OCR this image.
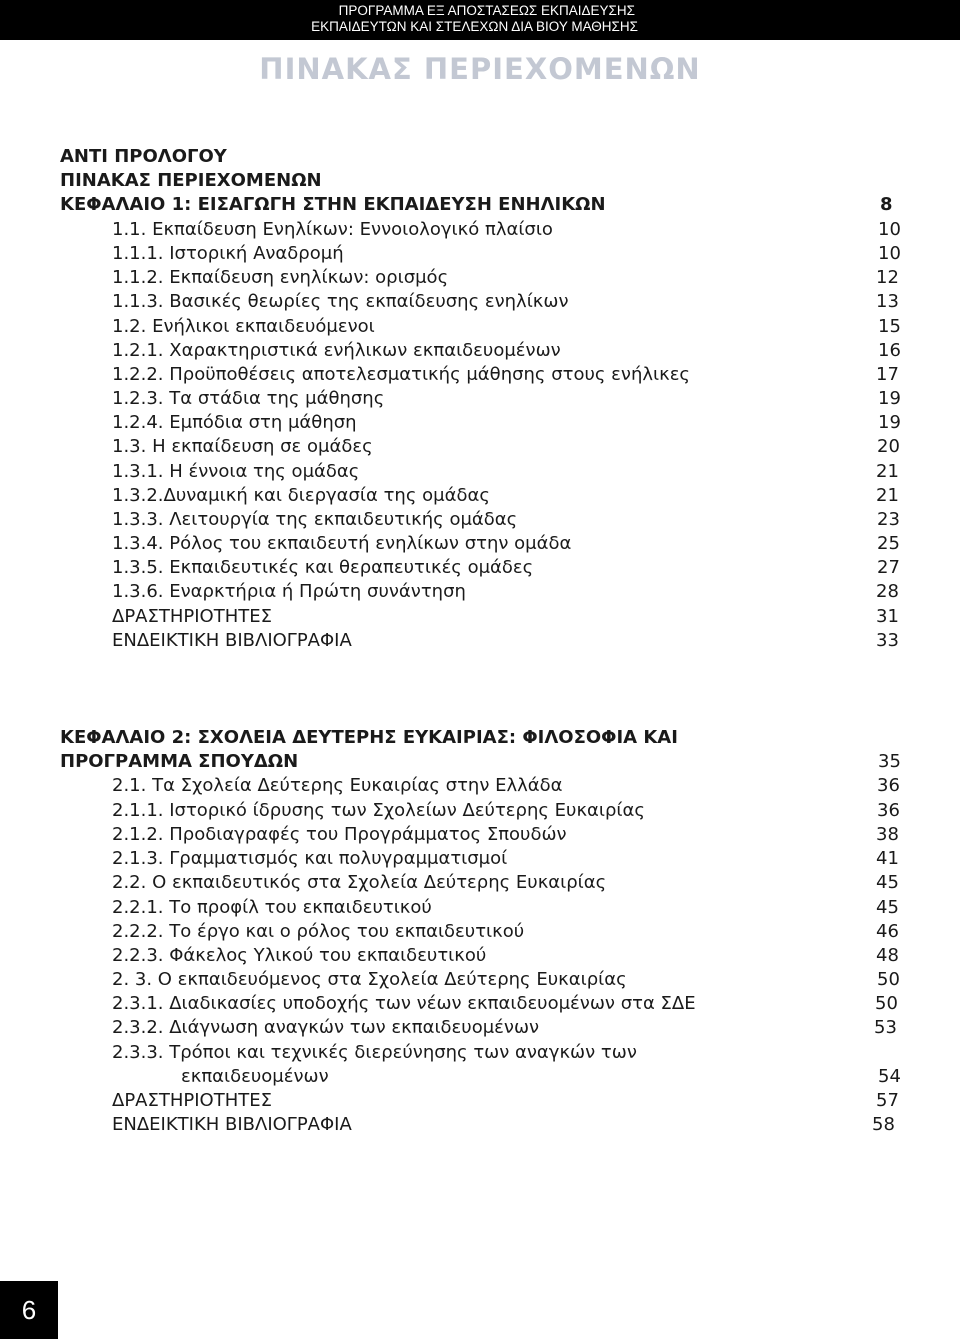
ΠΡΟΓΡΑΜΜΑ ΕΞ ΑΠΟΣΤΑΣΕΩΣ ΕΚΠΑΙΔΕΥΣΗΣ
ΕΚΠΑΙΔΕΥΤΩΝ ΚΑΙ ΣΤΕΛΕΧΩΝ ΔΙΑ ΒΙΟΥ ΜΑΘΗΣΗΣ
ΠΙΝΑΚΑΣ ΠΕΡΙΕΧΟΜΕΝΩΝ
ΑΝΤΙ ΠΡΟΛΟΓΟΥ
ΠΙΝΑΚΑΣ ΠΕΡΙΕΧΟΜΕΝΩΝ
ΚΕΦΑΛΑΙΟ 1: ΕΙΣΑΓΩΓΗ ΣΤΗΝ ΕΚΠΑΙΔΕΥΣΗ ΕΝΗΛΙΚΩΝ	8
1.1. Εκπαίδευση Ενηλίκων: Εννοιολογικό πλαίσιο	10
1.1.1. Ιστορική Αναδρομή	10
1.1.2. Εκπαίδευση ενηλίκων: ορισμός	12
1.1.3. Βασικές θεωρίες της εκπαίδευσης ενηλίκων	13
1.2. Ενήλικοι εκπαιδευόμενοι	15
1.2.1. Χαρακτηριστικά ενήλικων εκπαιδευομένων	16
1.2.2. Προϋποθέσεις αποτελεσματικής μάθησης στους ενήλικες	17
1.2.3. Τα στάδια της μάθησης	19
1.2.4. Εμπόδια στη μάθηση	19
1.3. Η εκπαίδευση σε ομάδες	20
1.3.1. Η έννοια της ομάδας	21
1.3.2.Δυναμική και διεργασία της ομάδας	21
1.3.3. Λειτουργία της εκπαιδευτικής ομάδας	23
1.3.4. Ρόλος του εκπαιδευτή ενηλίκων στην ομάδα	25
1.3.5. Εκπαιδευτικές και θεραπευτικές ομάδες	27
1.3.6. Εναρκτήρια ή Πρώτη συνάντηση	28
ΔΡΑΣΤΗΡΙΟΤΗΤΕΣ	31
ΕΝΔΕΙΚΤΙΚΗ ΒΙΒΛΙΟΓΡΑΦΙΑ	33
ΚΕΦΑΛΑΙΟ 2: ΣΧΟΛΕΙΑ ΔΕΥΤΕΡΗΣ ΕΥΚΑΙΡΙΑΣ: ΦΙΛΟΣΟΦΙΑ ΚΑΙ
ΠΡΟΓΡΑΜΜΑ ΣΠΟΥΔΩΝ	35
2.1. Τα Σχολεία Δεύτερης Ευκαιρίας στην Ελλάδα	36
2.1.1. Ιστορικό ίδρυσης των Σχολείων Δεύτερης Ευκαιρίας	36
2.1.2. Προδιαγραφές του Προγράμματος Σπουδών	38
2.1.3. Γραμματισμός και πολυγραμματισμοί	41
2.2. Ο εκπαιδευτικός στα Σχολεία Δεύτερης Ευκαιρίας	45
2.2.1. Το προφίλ του εκπαιδευτικού	45
2.2.2. Το έργο και ο ρόλος του εκπαιδευτικού	46
2.2.3. Φάκελος Υλικού του εκπαιδευτικού	48
2. 3. Ο εκπαιδευόμενος στα Σχολεία Δεύτερης Ευκαιρίας	50
2.3.1. Διαδικασίες υποδοχής των νέων εκπαιδευομένων στα ΣΔΕ	50
2.3.2. Διάγνωση αναγκών των εκπαιδευομένων	53
2.3.3. Τρόποι και τεχνικές διερεύνησης των αναγκών των
εκπαιδευομένων	54
ΔΡΑΣΤΗΡΙΟΤΗΤΕΣ	57
ΕΝΔΕΙΚΤΙΚΗ ΒΙΒΛΙΟΓΡΑΦΙΑ	58
6
